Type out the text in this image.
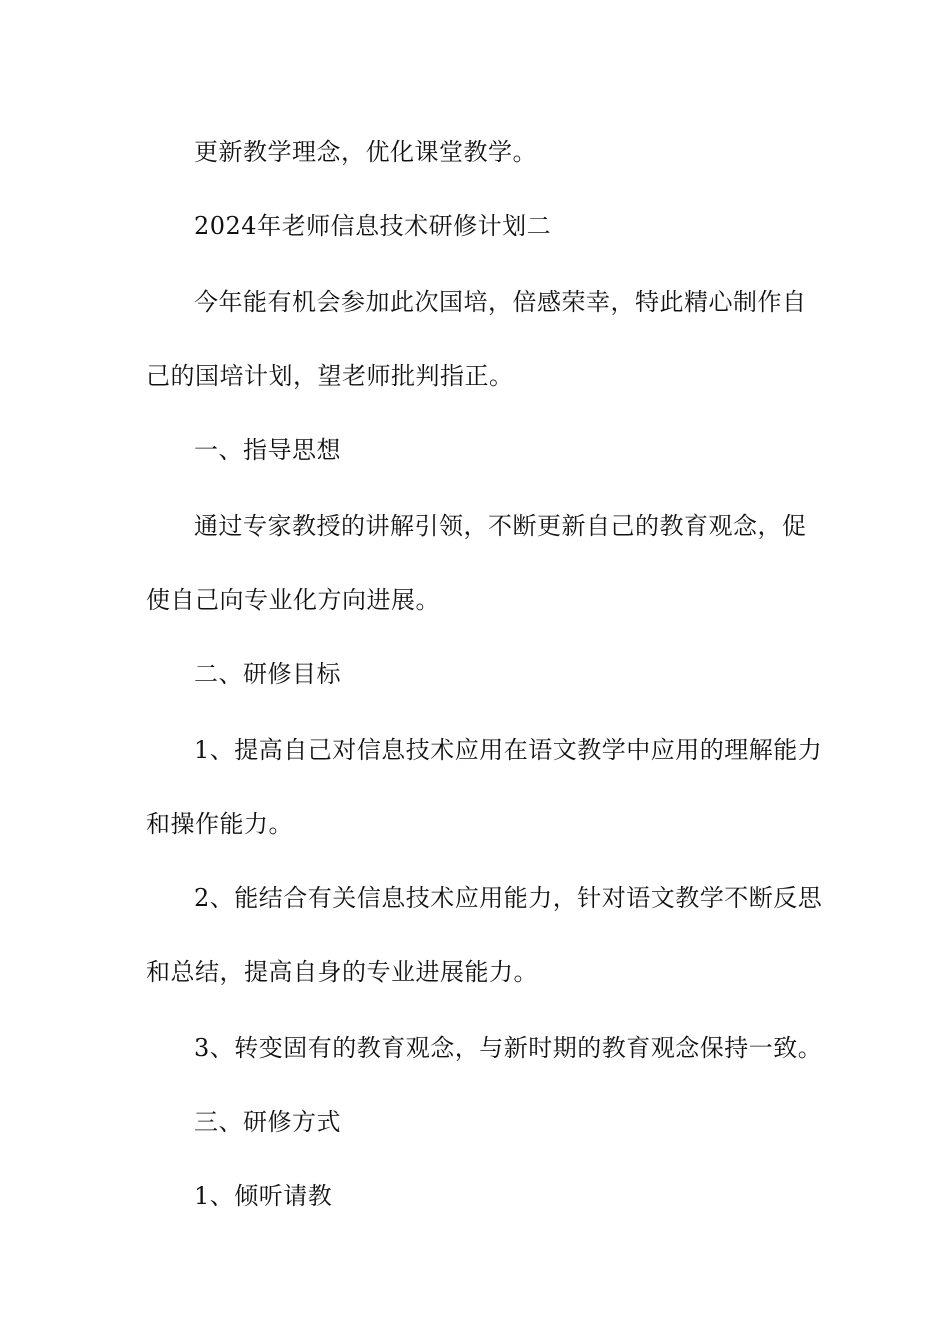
更新教学理念，优化课堂教学。

2024年老师信息技术研修计划二

今年能有机会参加此次国培，倍感荣幸，特此精心制作自

己的国培计划，望老师批判指正。

一、指导思想

通过专家教授的讲解引领，不断更新自己的教育观念，促

使自己向专业化方向进展。

二、研修目标

1、提高自己对信息技术应用在语文教学中应用的理解能力

和操作能力。

2、能结合有关信息技术应用能力，针对语文教学不断反思

和总结，提高自身的专业进展能力。

3、转变固有的教育观念，与新时期的教育观念保持一致。

三、研修方式

1、倾听请教
